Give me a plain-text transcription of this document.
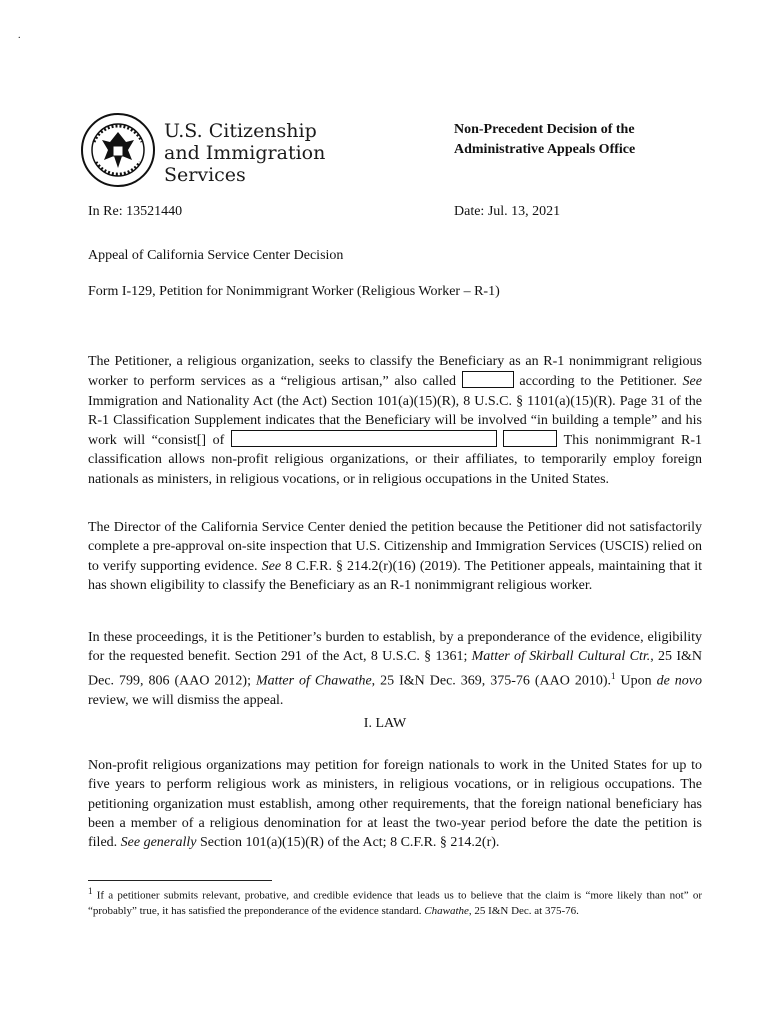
.
U.S. Citizenship
and Immigration
Services
Non-Precedent Decision of the
Administrative Appeals Office
In Re: 13521440	Date: Jul. 13, 2021
Appeal of California Service Center Decision
Form I-129, Petition for Nonimmigrant Worker (Religious Worker – R-1)
The Petitioner, a religious organization, seeks to classify the Beneficiary as an R-1 nonimmigrant religious worker to perform services as a “religious artisan,” also called	according to the Petitioner. See Immigration and Nationality Act (the Act) Section 101(a)(15)(R), 8 U.S.C. § 1101(a)(15)(R). Page 31 of the R-1 Classification Supplement indicates that the Beneficiary will be involved “in building a temple” and his work will “consist[] of	This nonimmigrant R-1 classification allows non-profit religious organizations, or their affiliates, to temporarily employ foreign nationals as ministers, in religious vocations, or in religious occupations in the United States.
The Director of the California Service Center denied the petition because the Petitioner did not satisfactorily complete a pre-approval on-site inspection that U.S. Citizenship and Immigration Services (USCIS) relied on to verify supporting evidence. See 8 C.F.R. § 214.2(r)(16) (2019). The Petitioner appeals, maintaining that it has shown eligibility to classify the Beneficiary as an R-1 nonimmigrant religious worker.
In these proceedings, it is the Petitioner’s burden to establish, by a preponderance of the evidence, eligibility for the requested benefit. Section 291 of the Act, 8 U.S.C. § 1361; Matter of Skirball Cultural Ctr., 25 I&N Dec. 799, 806 (AAO 2012); Matter of Chawathe, 25 I&N Dec. 369, 375-76 (AAO 2010).$^1$ Upon de novo review, we will dismiss the appeal.
I. LAW
Non-profit religious organizations may petition for foreign nationals to work in the United States for up to five years to perform religious work as ministers, in religious vocations, or in religious occupations. The petitioning organization must establish, among other requirements, that the foreign national beneficiary has been a member of a religious denomination for at least the two-year period before the date the petition is filed. See generally Section 101(a)(15)(R) of the Act; 8 C.F.R. § 214.2(r).
$^1$ If a petitioner submits relevant, probative, and credible evidence that leads us to believe that the claim is “more likely than not” or “probably” true, it has satisfied the preponderance of the evidence standard. Chawathe, 25 I&N Dec. at 375-76.
